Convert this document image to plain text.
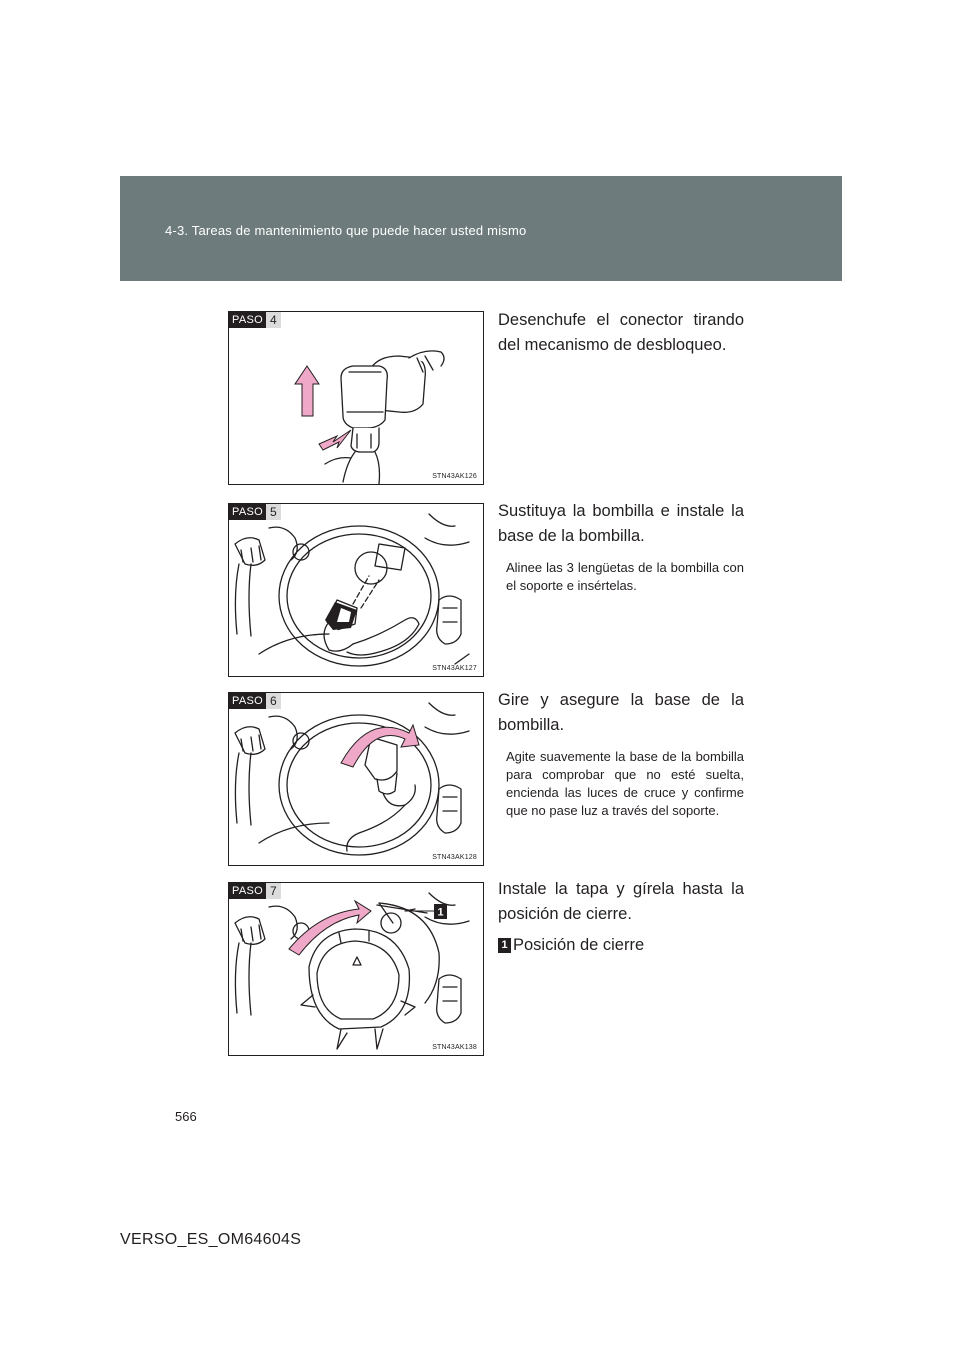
4-3. Tareas de mantenimiento que puede hacer usted mismo
PASO 4
STN43AK126

Desenchufe el conector tirando del mecanismo de desbloqueo.

PASO 5
STN43AK127

Sustituya la bombilla e instale la base de la bombilla.

Alinee las 3 lengüetas de la bombilla con el soporte e insértelas.

PASO 6
STN43AK128

Gire y asegure la base de la bombilla.

Agite suavemente la base de la bombilla para comprobar que no esté suelta, encienda las luces de cruce y confirme que no pase luz a través del soporte.

1
PASO 7
STN43AK138

Instale la tapa y gírela hasta la posición de cierre.

1 Posición de cierre
566
VERSO_ES_OM64604S
